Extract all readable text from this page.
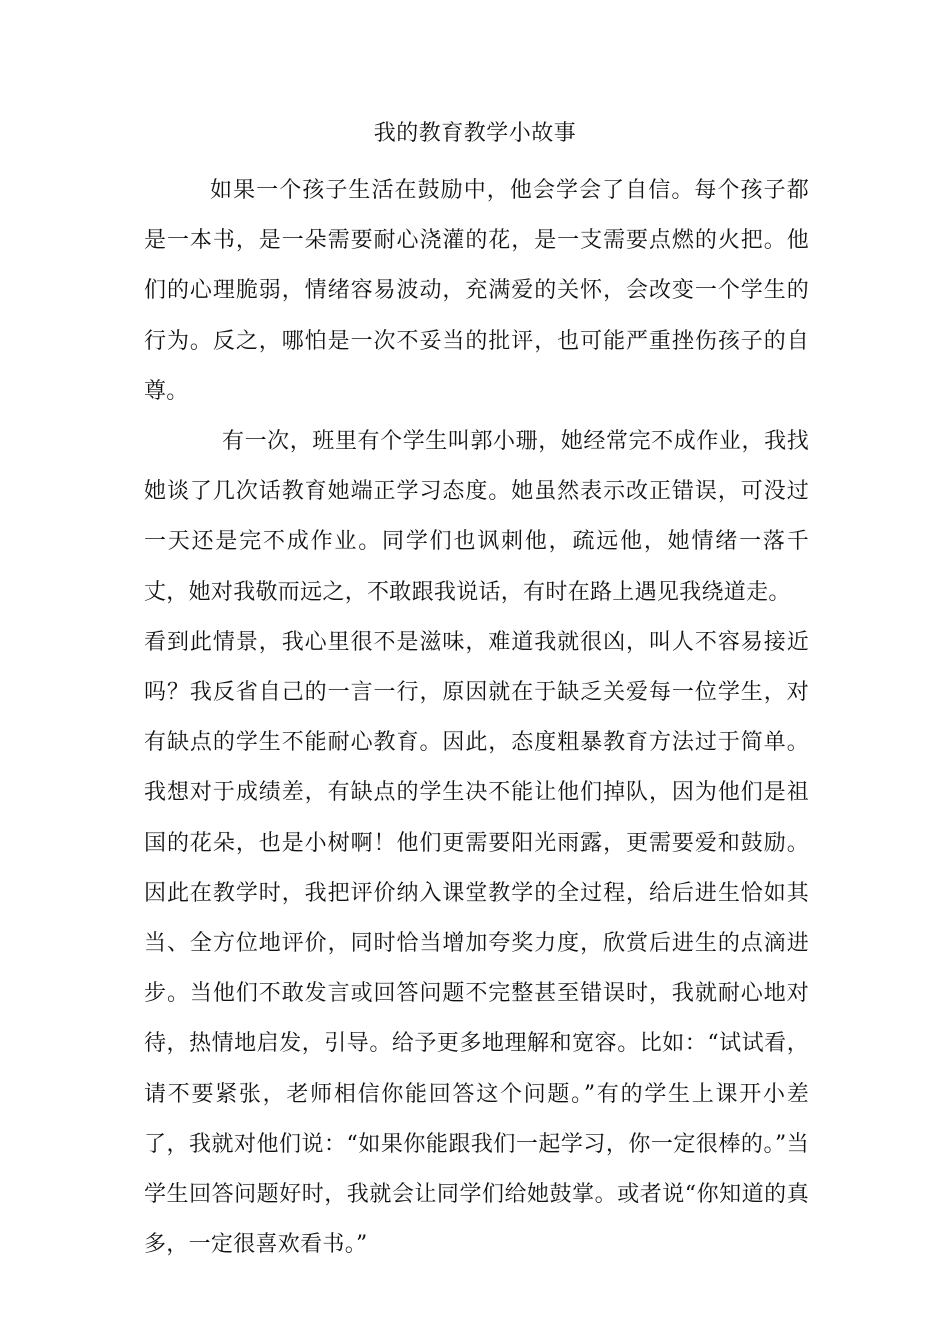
我的教育教学小故事

如果一个孩子生活在鼓励中，他会学会了自信。每个孩子都是一本书，是一朵需要耐心浇灌的花，是一支需要点燃的火把。他们的心理脆弱，情绪容易波动，充满爱的关怀，会改变一个学生的行为。反之，哪怕是一次不妥当的批评，也可能严重挫伤孩子的自尊。

有一次，班里有个学生叫郭小珊，她经常完不成作业，我找她谈了几次话教育她端正学习态度。她虽然表示改正错误，可没过一天还是完不成作业。同学们也讽刺他，疏远他，她情绪一落千丈，她对我敬而远之，不敢跟我说话，有时在路上遇见我绕道走。

看到此情景，我心里很不是滋味，难道我就很凶，叫人不容易接近吗？我反省自己的一言一行，原因就在于缺乏关爱每一位学生，对有缺点的学生不能耐心教育。因此，态度粗暴教育方法过于简单。我想对于成绩差，有缺点的学生决不能让他们掉队，因为他们是祖国的花朵，也是小树啊！他们更需要阳光雨露，更需要爱和鼓励。因此在教学时，我把评价纳入课堂教学的全过程，给后进生恰如其当、全方位地评价，同时恰当增加夸奖力度，欣赏后进生的点滴进步。当他们不敢发言或回答问题不完整甚至错误时，我就耐心地对待，热情地启发，引导。给予更多地理解和宽容。比如：“试试看，请不要紧张，老师相信你能回答这个问题。”有的学生上课开小差了，我就对他们说：“如果你能跟我们一起学习，你一定很棒的。”当学生回答问题好时，我就会让同学们给她鼓掌。或者说“你知道的真多，一定很喜欢看书。”
